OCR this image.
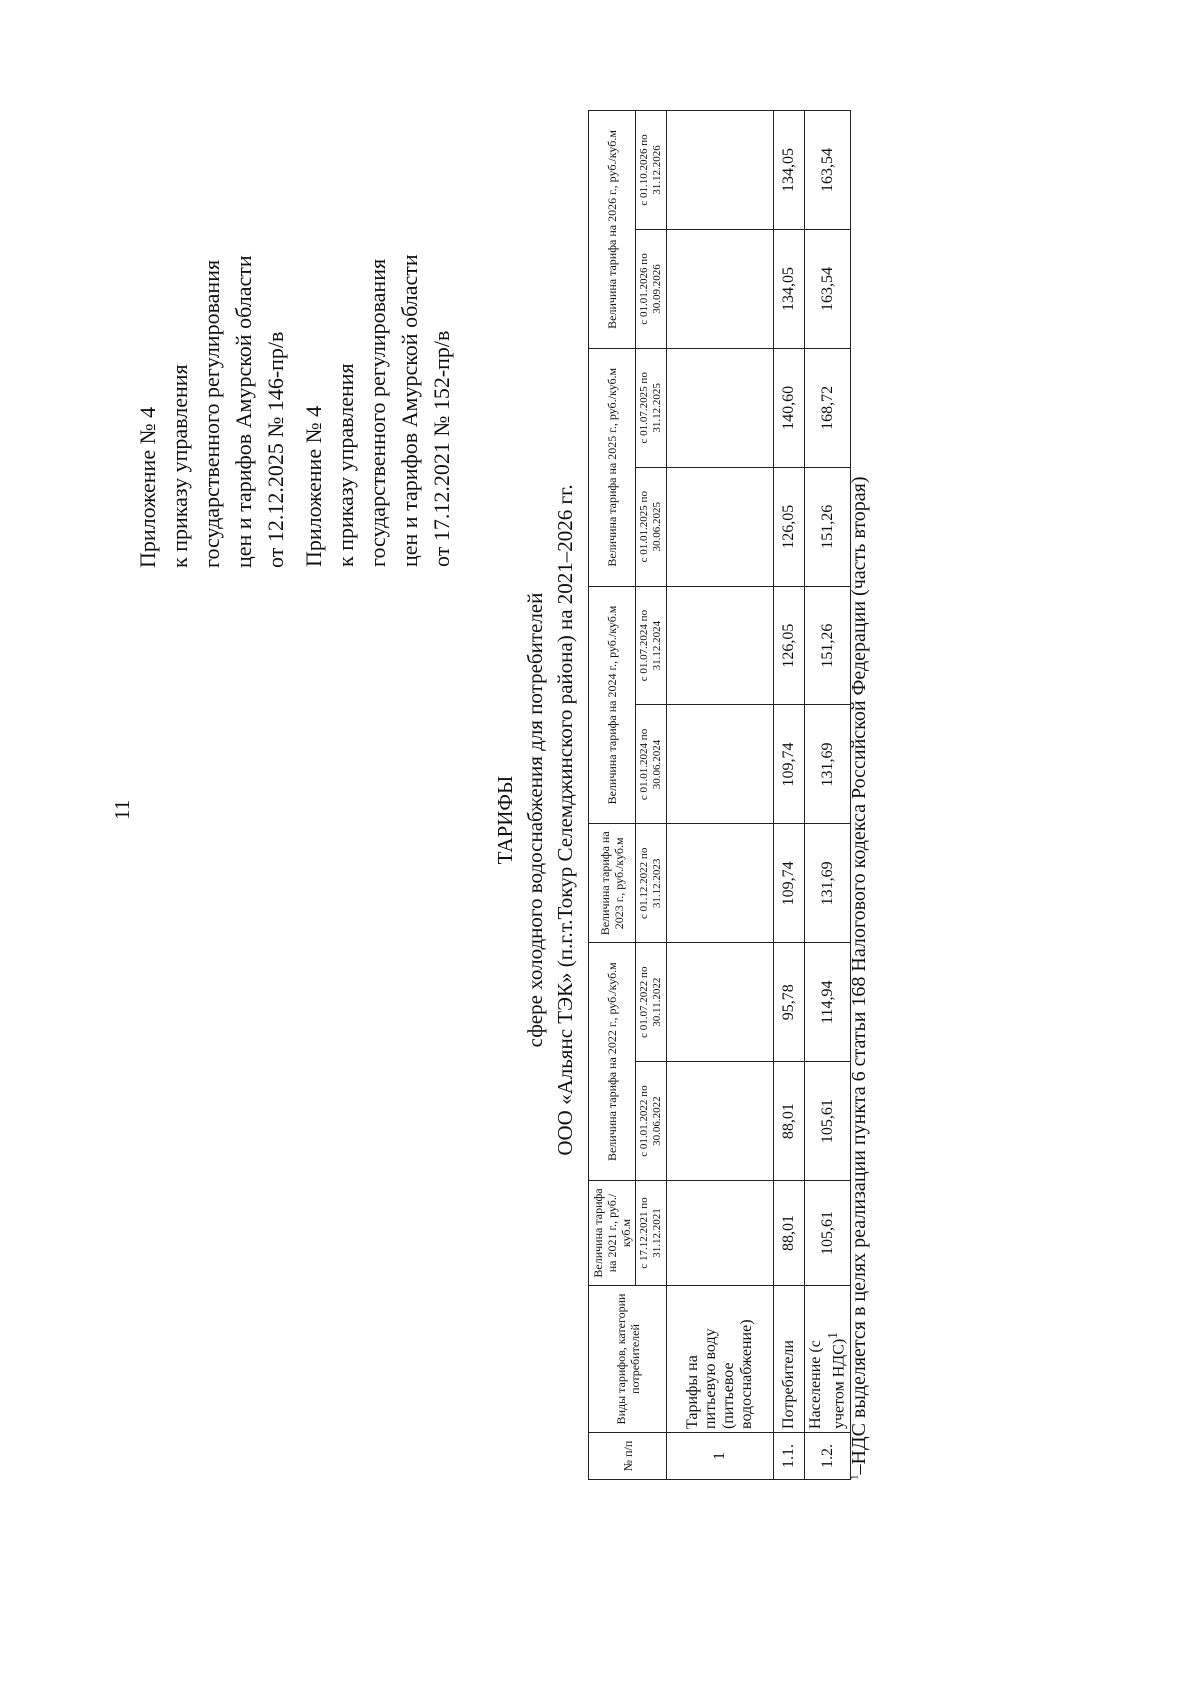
11
Приложение № 4 к приказу управления государственного регулирования цен и тарифов Амурской области от 12.12.2025 № 146-пр/в Приложение № 4 к приказу управления государственного регулирования цен и тарифов Амурской области от 17.12.2021 № 152-пр/в
ТАРИФЫ сфере холодного водоснабжения для потребителей ООО «Альянс ТЭК» (п.г.т.Токур Селемджинского района) на 2021–2026 гг.
№ п/п	Виды тарифов, категории потребителей	Величина тарифа на 2021 г., руб./куб.м	Величина тарифа на 2022 г., руб./куб.м		Величина тарифа на 2023 г., руб./куб.м	Величина тарифа на 2024 г., руб./куб.м		Величина тарифа на 2025 г., руб./куб.м		Величина тарифа на 2026 г., руб./куб.м	
		с 17.12.2021 по 31.12.2021	с 01.01.2022 по 30.06.2022	с 01.07.2022 по 30.11.2022	с 01.12.2022 по 31.12.2023	с 01.01.2024 по 30.06.2024	с 01.07.2024 по 31.12.2024	с 01.01.2025 по 30.06.2025	с 01.07.2025 по 31.12.2025	с 01.01.2026 по 30.09.2026	с 01.10.2026 по 31.12.2026
1	Тарифы на питьевую воду (питьевое водоснабжение)										
1.1.	Потребители	88,01	88,01	95,78	109,74	109,74	126,05	126,05	140,60	134,05	134,05
1.2.	Население (с учетом НДС)$^1$	105,61	105,61	114,94	131,69	131,69	151,26	151,26	168,72	163,54	163,54
$^1$–НДС выделяется в целях реализации пункта 6 статьи 168 Налогового кодекса Российской Федерации (часть вторая)
